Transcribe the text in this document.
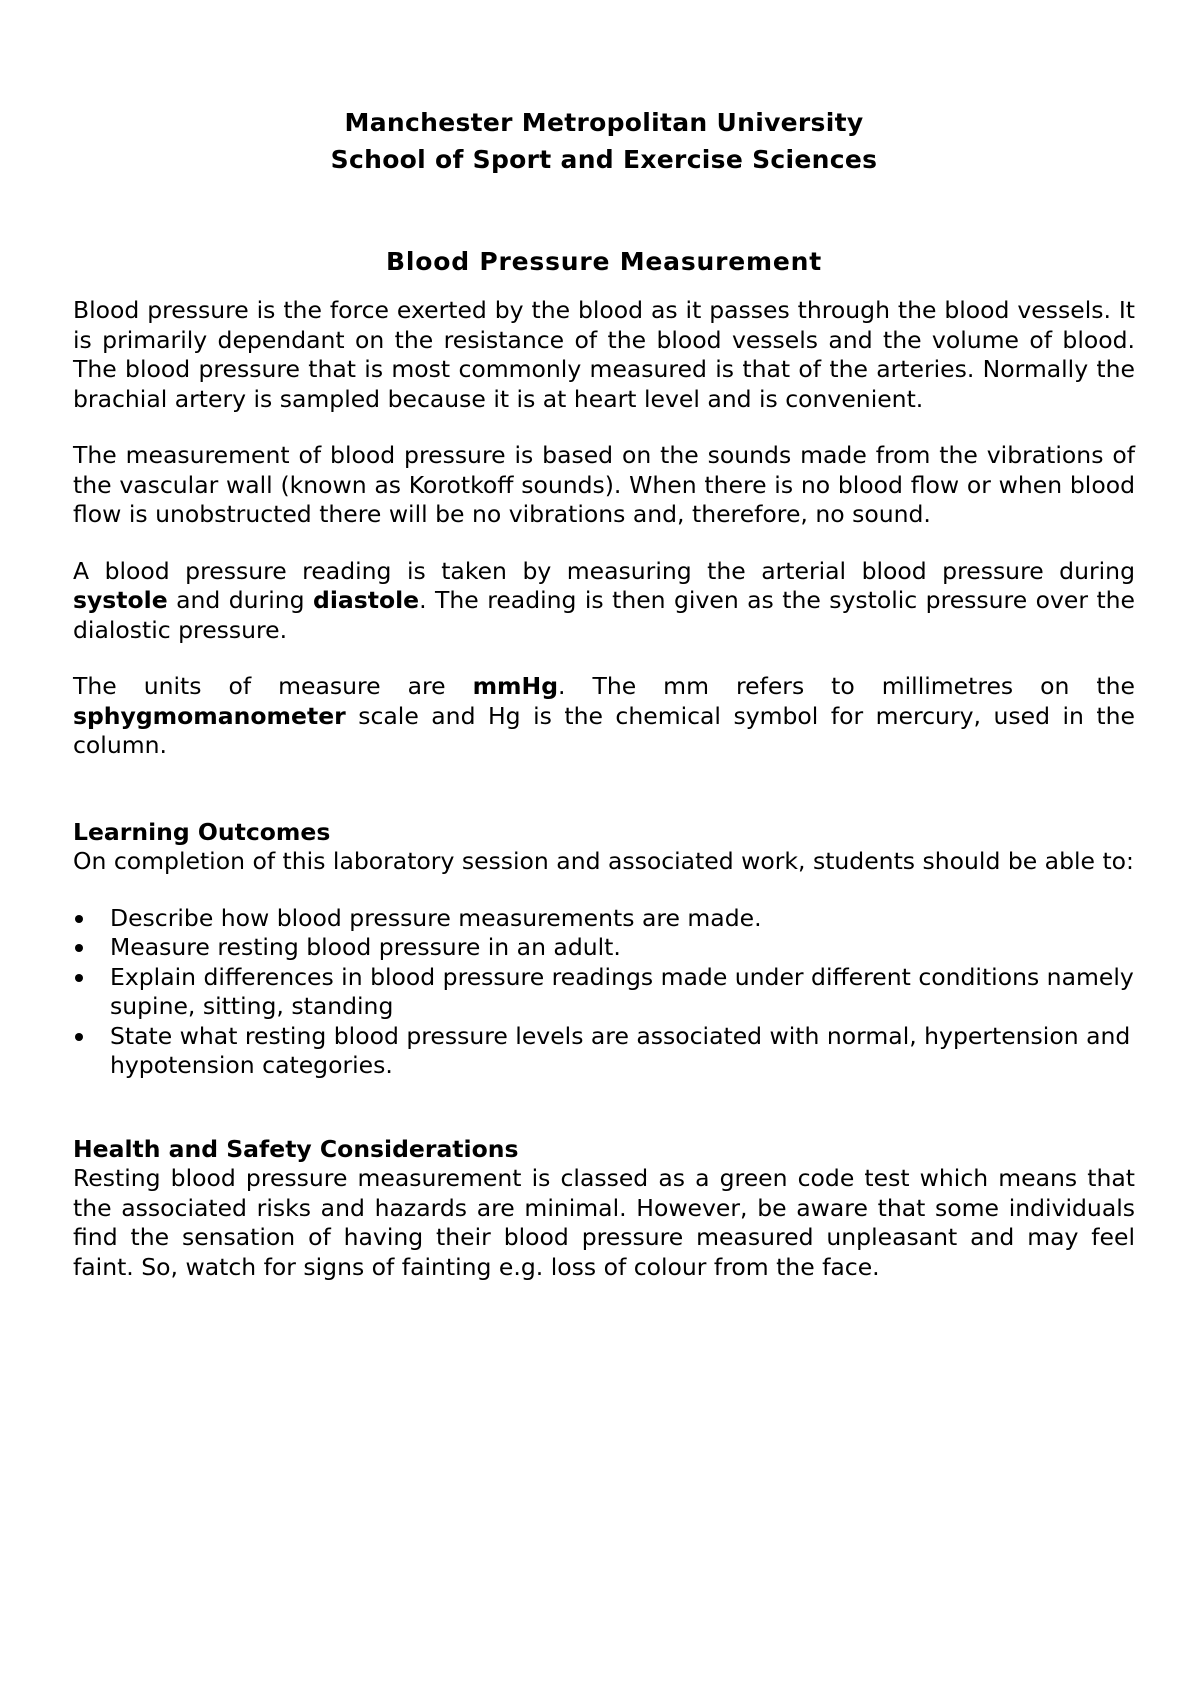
Manchester Metropolitan University
School of Sport and Exercise Sciences
Blood Pressure Measurement

Blood pressure is the force exerted by the blood as it passes through the blood vessels. It is primarily dependant on the resistance of the blood vessels and the volume of blood. The blood pressure that is most commonly measured is that of the arteries. Normally the brachial artery is sampled because it is at heart level and is convenient.

The measurement of blood pressure is based on the sounds made from the vibrations of the vascular wall (known as Korotkoff sounds). When there is no blood flow or when blood flow is unobstructed there will be no vibrations and, therefore, no sound.

A blood pressure reading is taken by measuring the arterial blood pressure during systole and during diastole. The reading is then given as the systolic pressure over the dialostic pressure.

The units of measure are mmHg. The mm refers to millimetres on the sphygmomanometer scale and Hg is the chemical symbol for mercury, used in the column.

Learning Outcomes

On completion of this laboratory session and associated work, students should be able to:

Describe how blood pressure measurements are made.
Measure resting blood pressure in an adult.
Explain differences in blood pressure readings made under different conditions namely supine, sitting, standing
State what resting blood pressure levels are associated with normal, hypertension and hypotension categories.
Health and Safety Considerations

Resting blood pressure measurement is classed as a green code test which means that the associated risks and hazards are minimal. However, be aware that some individuals find the sensation of having their blood pressure measured unpleasant and may feel faint. So, watch for signs of fainting e.g. loss of colour from the face.
